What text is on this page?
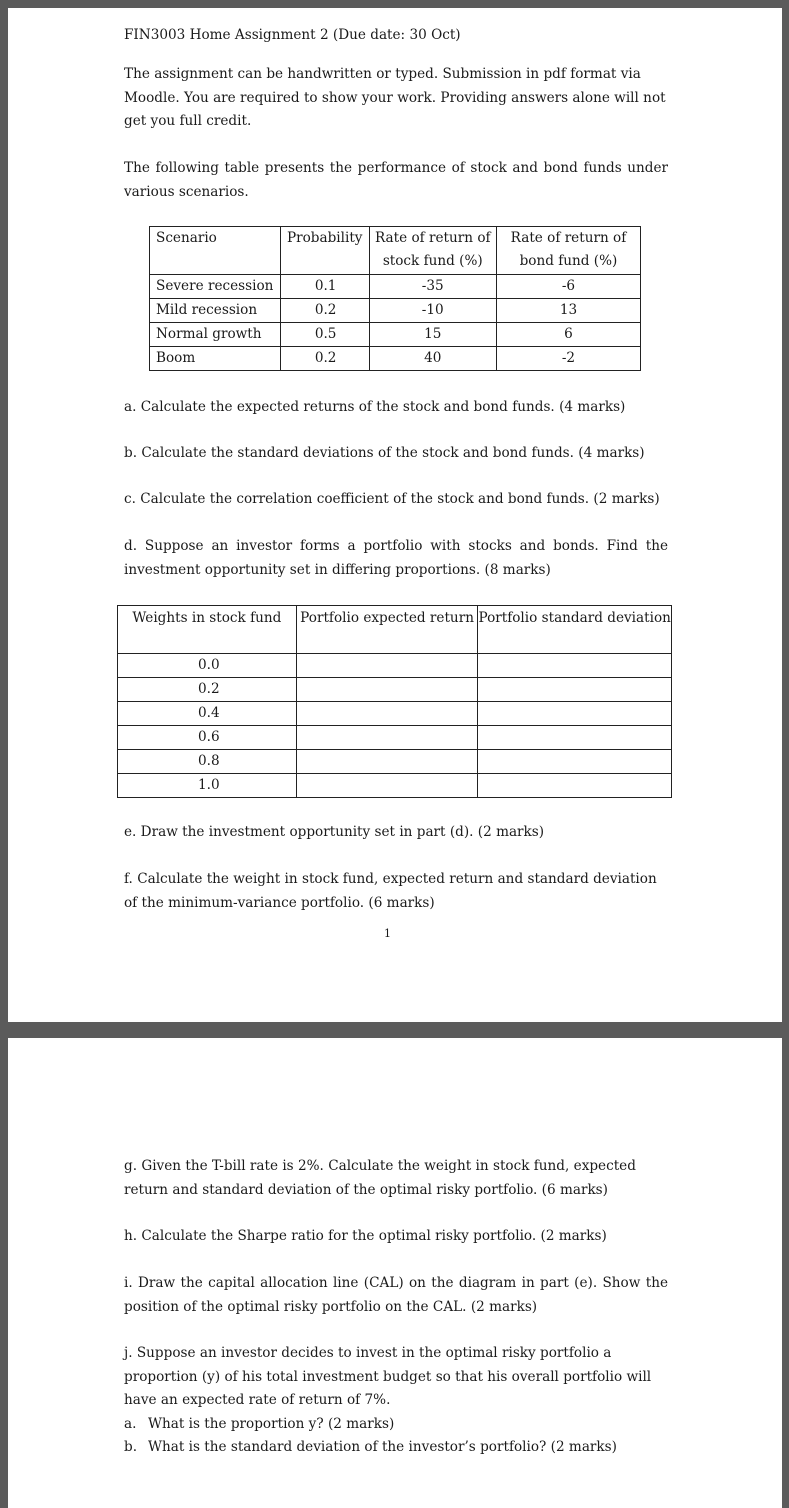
FIN3003 Home Assignment 2 (Due date: 30 Oct)

The assignment can be handwritten or typed. Submission in pdf format via Moodle. You are required to show your work. Providing answers alone will not get you full credit.

The following table presents the performance of stock and bond funds under various scenarios.

Scenario	Probability	Rate of return of stock fund (%)	Rate of return of bond fund (%)
Severe recession	0.1	-35	-6
Mild recession	0.2	-10	13
Normal growth	0.5	15	6
Boom	0.2	40	-2

a. Calculate the expected returns of the stock and bond funds. (4 marks)

b. Calculate the standard deviations of the stock and bond funds. (4 marks)

c. Calculate the correlation coefficient of the stock and bond funds. (2 marks)

d. Suppose an investor forms a portfolio with stocks and bonds. Find the investment opportunity set in differing proportions. (8 marks)

Weights in stock fund	Portfolio expected return	Portfolio standard deviation
0.0		
0.2		
0.4		
0.6		
0.8		
1.0		

e. Draw the investment opportunity set in part (d). (2 marks)

f. Calculate the weight in stock fund, expected return and standard deviation of the minimum-variance portfolio. (6 marks)

1

g. Given the T-bill rate is 2%. Calculate the weight in stock fund, expected return and standard deviation of the optimal risky portfolio. (6 marks)

h. Calculate the Sharpe ratio for the optimal risky portfolio. (2 marks)

i. Draw the capital allocation line (CAL) on the diagram in part (e). Show the position of the optimal risky portfolio on the CAL. (2 marks)

j. Suppose an investor decides to invest in the optimal risky portfolio a proportion (y) of his total investment budget so that his overall portfolio will have an expected rate of return of 7%.
a. What is the proportion y? (2 marks)
b. What is the standard deviation of the investor’s portfolio? (2 marks)
